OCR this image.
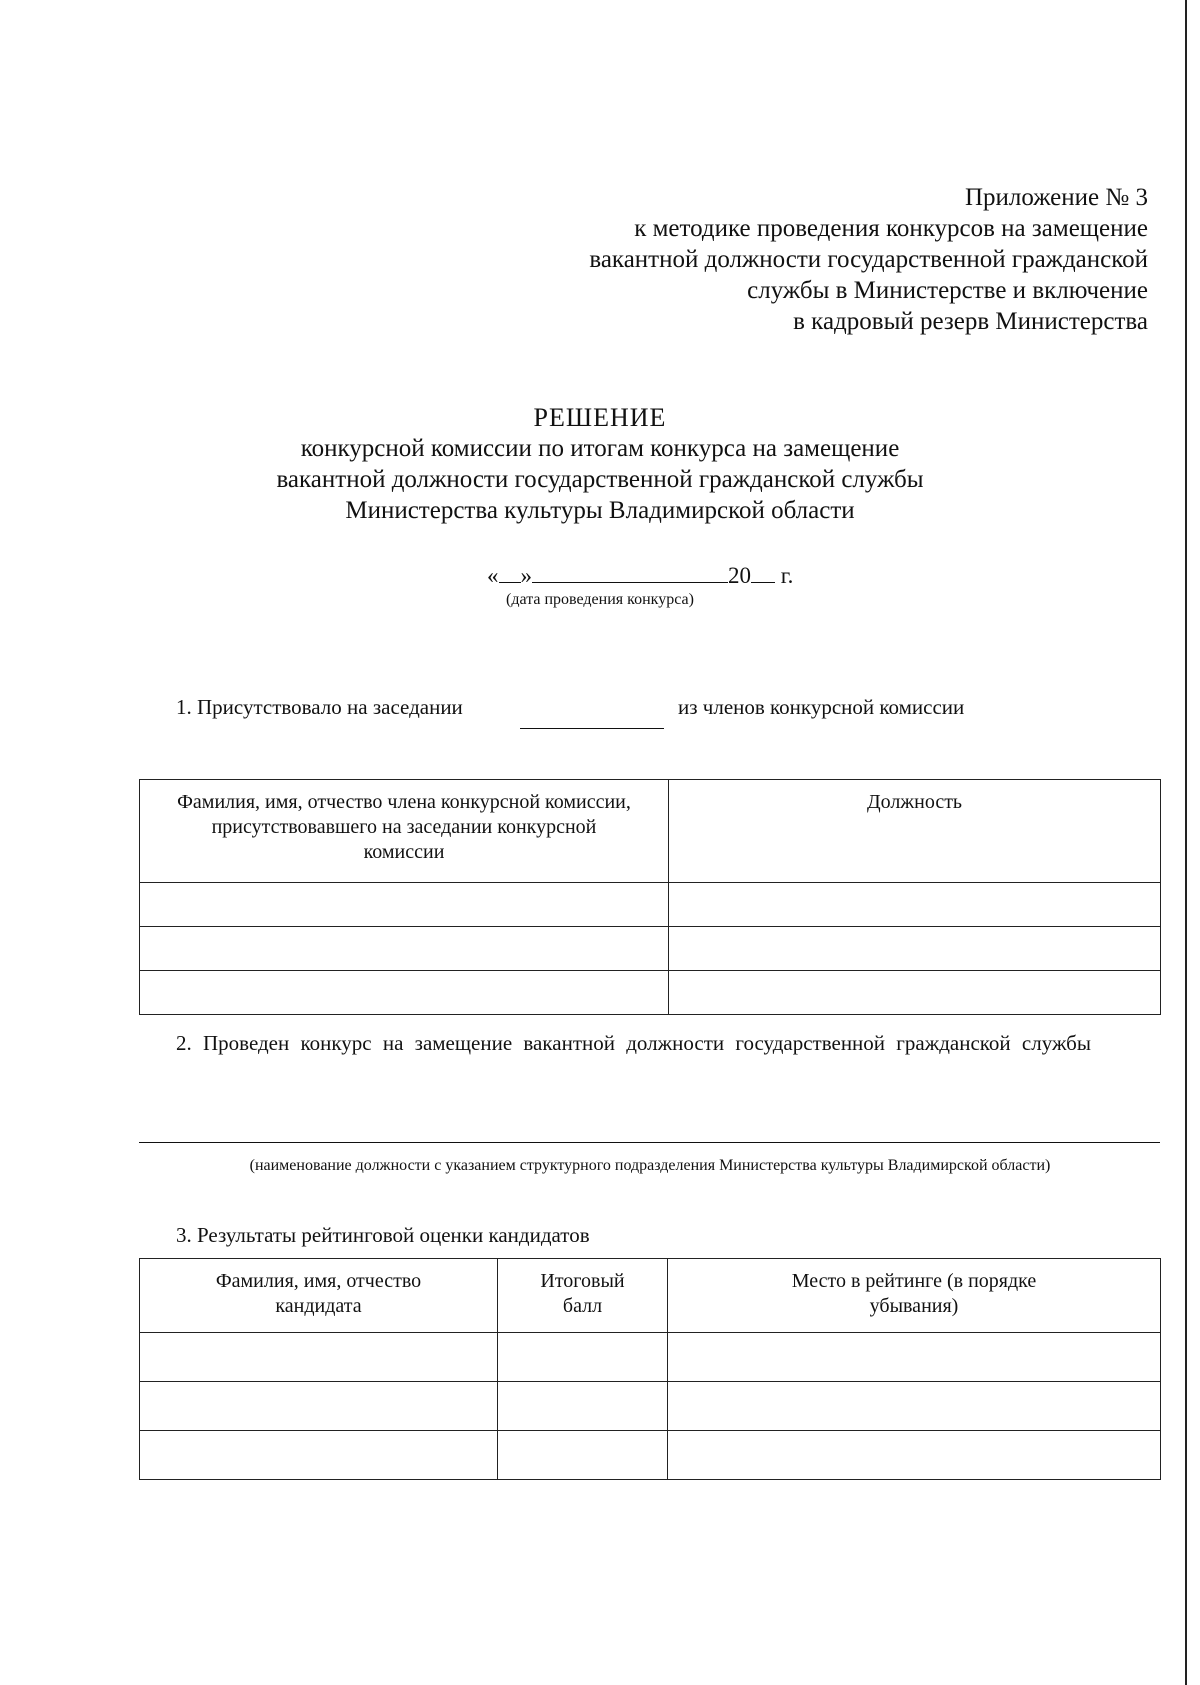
Приложение № 3
к методике проведения конкурсов на замещение
вакантной должности государственной гражданской
службы в Министерстве и включение
в кадровый резерв Министерства
РЕШЕНИЕ
конкурсной комиссии по итогам конкурса на замещение
вакантной должности государственной гражданской службы
Министерства культуры Владимирской области
« »	20 г.
(дата проведения конкурса)
1. Присутствовало на заседании	из членов конкурсной комиссии
Фамилия, имя, отчество члена конкурсной комиссии, присутствовавшего на заседании конкурсной комиссии	Должность

2. Проведен конкурс на замещение вакантной должности государственной гражданской службы
(наименование должности с указанием структурного подразделения Министерства культуры Владимирской области)
3. Результаты рейтинговой оценки кандидатов
Фамилия, имя, отчество кандидата	Итоговый балл	Место в рейтинге (в порядке убывания)
